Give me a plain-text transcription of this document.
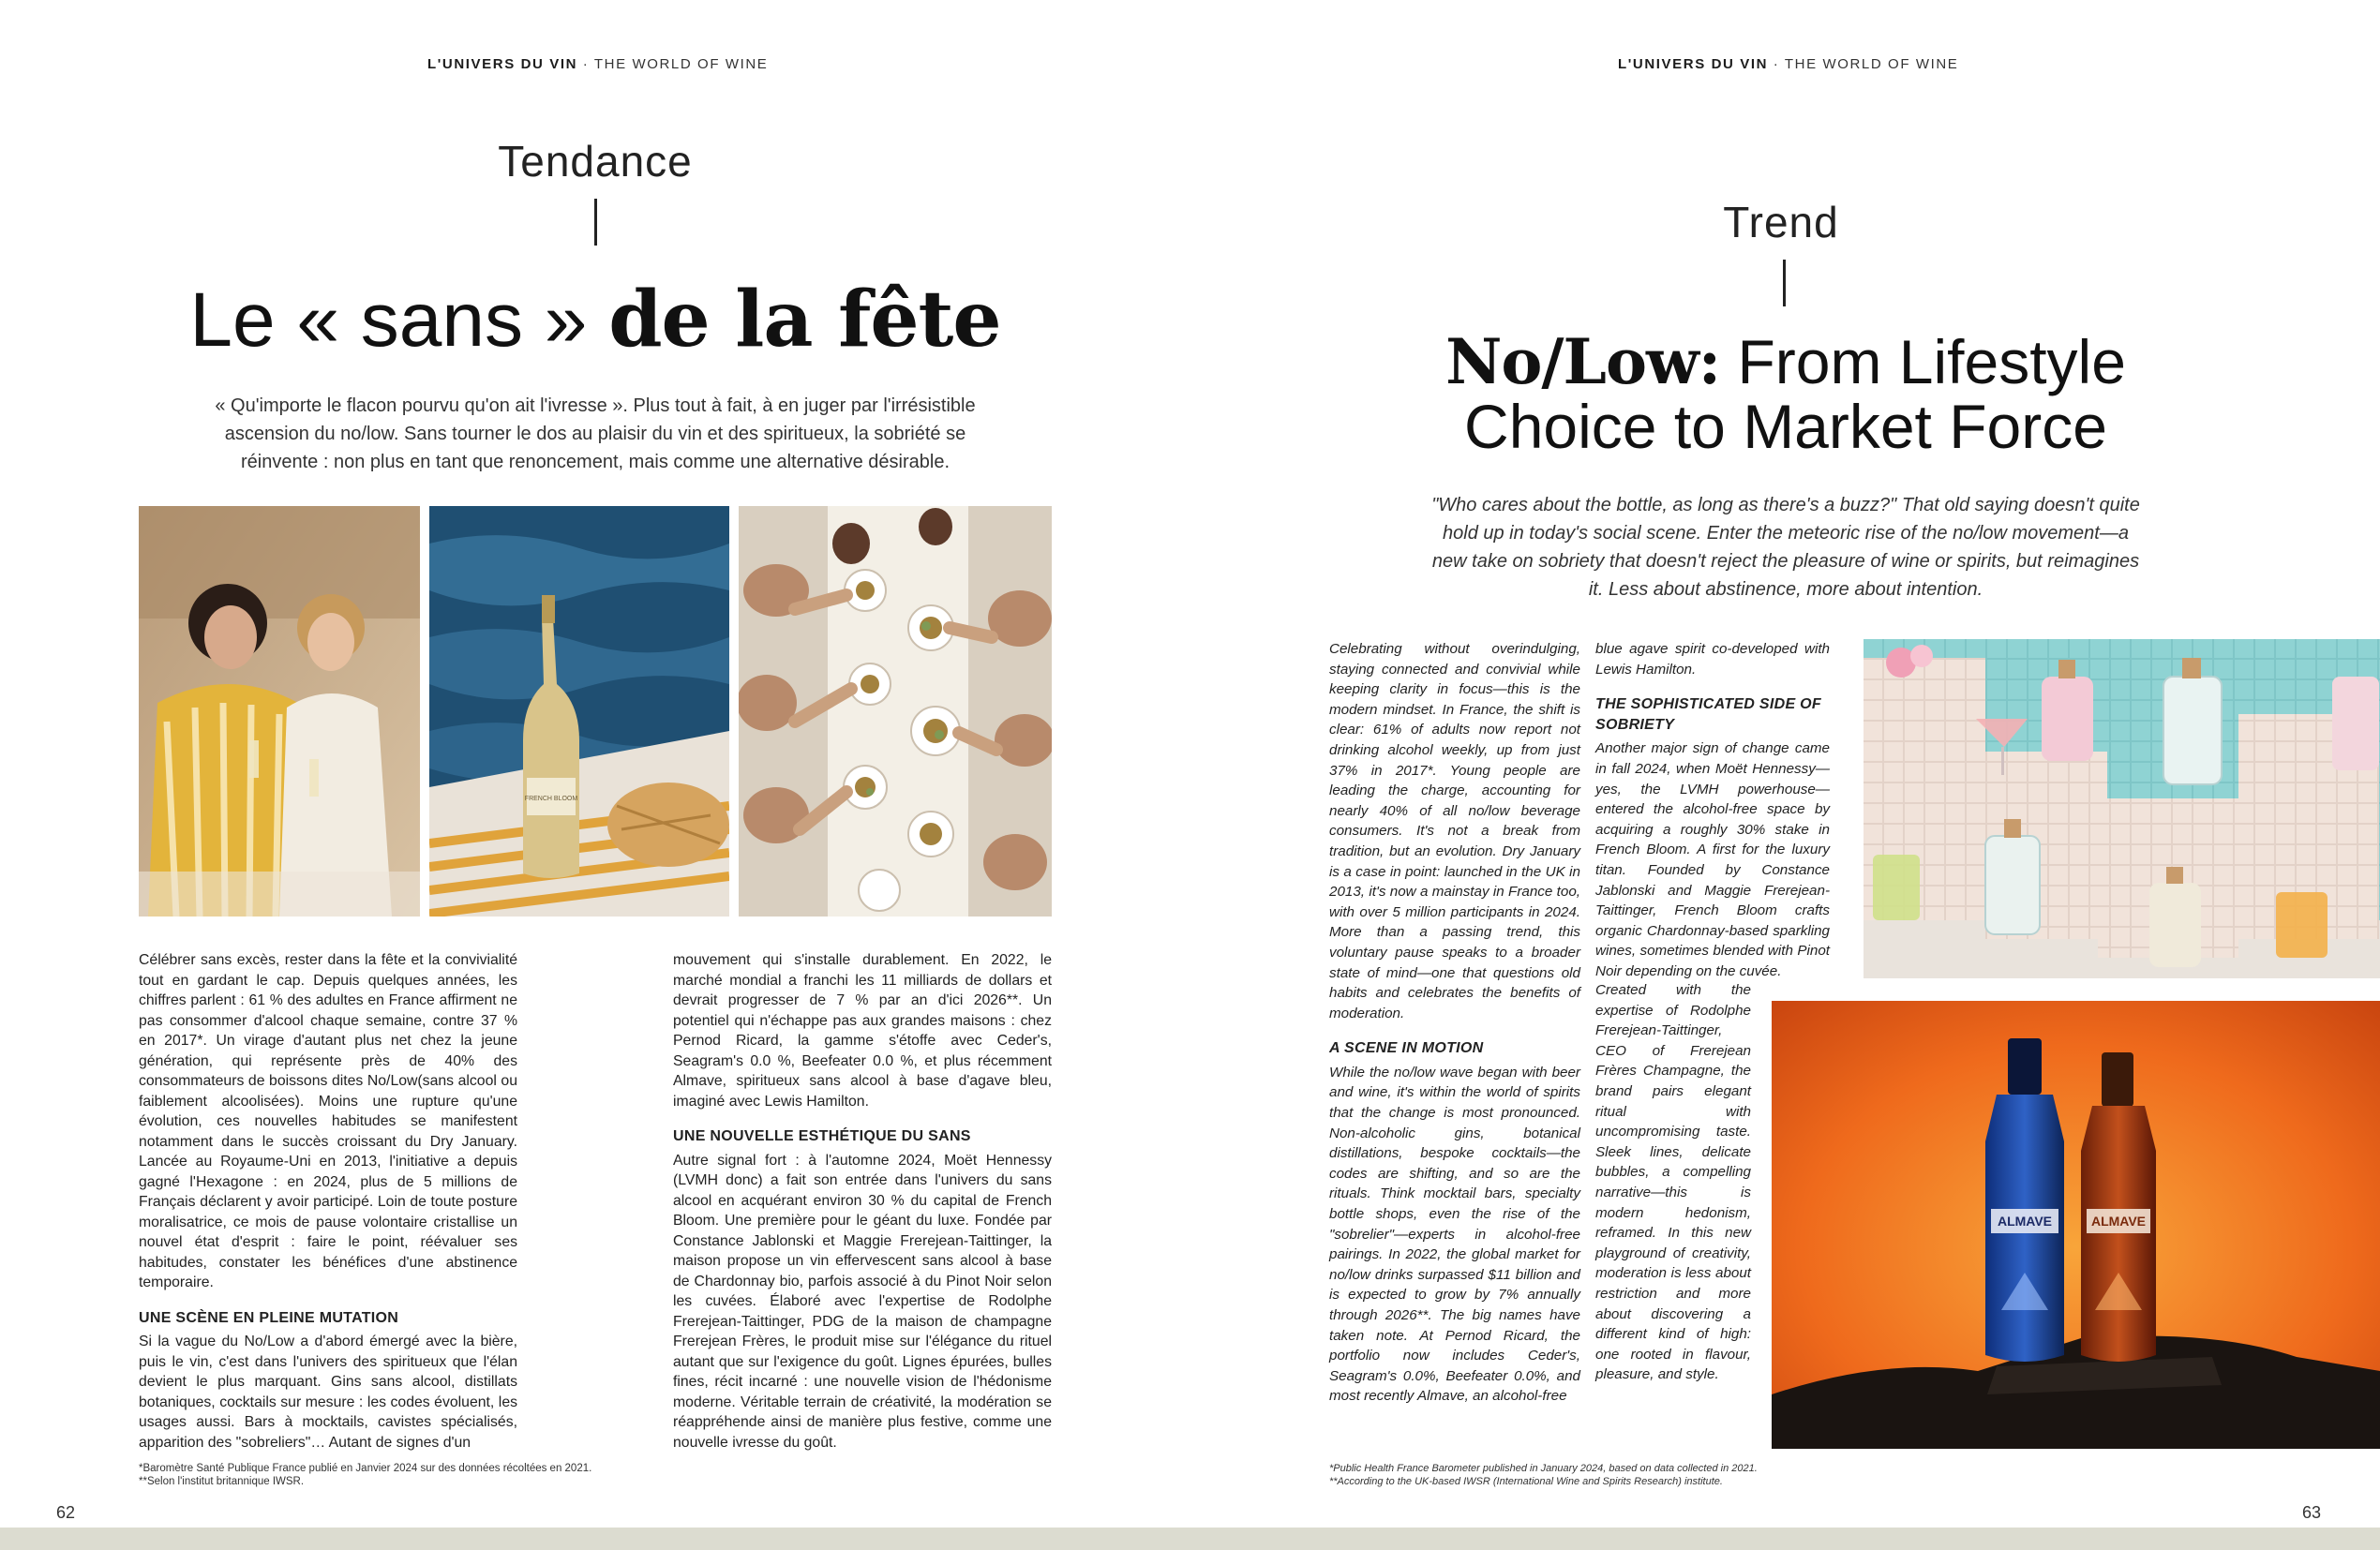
L'UNIVERS DU VIN · THE WORLD OF WINE
Tendance
Le « sans » de la fête
« Qu'importe le flacon pourvu qu'on ait l'ivresse ». Plus tout à fait, à en juger par l'irrésistible ascension du no/low. Sans tourner le dos au plaisir du vin et des spiritueux, la sobriété se réinvente : non plus en tant que renoncement, mais comme une alternative désirable.
FRENCH BLOOM

Célébrer sans excès, rester dans la fête et la convivialité tout en gardant le cap. Depuis quelques années, les chiffres parlent : 61 % des adultes en France affirment ne pas consommer d'alcool chaque semaine, contre 37 % en 2017*. Un virage d'autant plus net chez la jeune génération, qui représente près de 40% des consommateurs de boissons dites No/Low(sans alcool ou faiblement alcoolisées). Moins une rupture qu'une évolution, ces nouvelles habitudes se manifestent notamment dans le succès croissant du Dry January. Lancée au Royaume-Uni en 2013, l'initiative a depuis gagné l'Hexagone : en 2024, plus de 5 millions de Français déclarent y avoir participé. Loin de toute posture moralisatrice, ce mois de pause volontaire cristallise un nouvel état d'esprit : faire le point, réévaluer ses habitudes, constater les bénéfices d'une abstinence temporaire.

UNE SCÈNE EN PLEINE MUTATION

Si la vague du No/Low a d'abord émergé avec la bière, puis le vin, c'est dans l'univers des spiritueux que l'élan devient le plus marquant. Gins sans alcool, distillats botaniques, cocktails sur mesure : les codes évoluent, les usages aussi. Bars à mocktails, cavistes spécialisés, apparition des "sobreliers"… Autant de signes d'un

mouvement qui s'installe durablement. En 2022, le marché mondial a franchi les 11 milliards de dollars et devrait progresser de 7 % par an d'ici 2026**. Un potentiel qui n'échappe pas aux grandes maisons : chez Pernod Ricard, la gamme s'étoffe avec Ceder's, Seagram's 0.0 %, Beefeater 0.0 %, et plus récemment Almave, spiritueux sans alcool à base d'agave bleu, imaginé avec Lewis Hamilton.

UNE NOUVELLE ESTHÉTIQUE DU SANS

Autre signal fort : à l'automne 2024, Moët Hennessy (LVMH donc) a fait son entrée dans l'univers du sans alcool en acquérant environ 30 % du capital de French Bloom. Une première pour le géant du luxe. Fondée par Constance Jablonski et Maggie Frerejean-Taittinger, la maison propose un vin effervescent sans alcool à base de Chardonnay bio, parfois associé à du Pinot Noir selon les cuvées. Élaboré avec l'expertise de Rodolphe Frerejean-Taittinger, PDG de la maison de champagne Frerejean Frères, le produit mise sur l'élégance du rituel autant que sur l'exigence du goût. Lignes épurées, bulles fines, récit incarné : une nouvelle vision de l'hédonisme moderne. Véritable terrain de créativité, la modération se réappréhende ainsi de manière plus festive, comme une nouvelle ivresse du goût.

*Baromètre Santé Publique France publié en Janvier 2024 sur des données récoltées en 2021.
**Selon l'institut britannique IWSR.
62
L'UNIVERS DU VIN · THE WORLD OF WINE
Trend
No/Low: From Lifestyle
Choice to Market Force
"Who cares about the bottle, as long as there's a buzz?" That old saying doesn't quite hold up in today's social scene. Enter the meteoric rise of the no/low movement—a new take on sobriety that doesn't reject the pleasure of wine or spirits, but reimagines it. Less about abstinence, more about intention.

Celebrating without overindulging, staying connected and convivial while keeping clarity in focus—this is the modern mindset. In France, the shift is clear: 61% of adults now report not drinking alcohol weekly, up from just 37% in 2017*. Young people are leading the charge, accounting for nearly 40% of all no/low beverage consumers. It's not a break from tradition, but an evolution. Dry January is a case in point: launched in the UK in 2013, it's now a mainstay in France too, with over 5 million participants in 2024. More than a passing trend, this voluntary pause speaks to a broader state of mind—one that questions old habits and celebrates the benefits of moderation.

A SCENE IN MOTION

While the no/low wave began with beer and wine, it's within the world of spirits that the change is most pronounced. Non-alcoholic gins, botanical distillations, bespoke cocktails—the codes are shifting, and so are the rituals. Think mocktail bars, specialty bottle shops, even the rise of the "sobrelier"—experts in alcohol-free pairings. In 2022, the global market for no/low drinks surpassed $11 billion and is expected to grow by 7% annually through 2026**. The big names have taken note. At Pernod Ricard, the portfolio now includes Ceder's, Seagram's 0.0%, Beefeater 0.0%, and most recently Almave, an alcohol-free

blue agave spirit co-developed with Lewis Hamilton.

THE SOPHISTICATED SIDE OF SOBRIETY

Another major sign of change came in fall 2024, when Moët Hennessy—yes, the LVMH powerhouse—entered the alcohol-free space by acquiring a roughly 30% stake in French Bloom. A first for the luxury titan. Founded by Constance Jablonski and Maggie Frerejean-Taittinger, French Bloom crafts organic Chardonnay-based sparkling wines, sometimes blended with Pinot Noir depending on the cuvée.

Created with the expertise of Rodolphe Frerejean-Taittinger, CEO of Frerejean Frères Champagne, the brand pairs elegant ritual with uncompromising taste. Sleek lines, delicate bubbles, a compelling narrative—this is modern hedonism, reframed. In this new playground of creativity, moderation is less about restriction and more about discovering a different kind of high: one rooted in flavour, pleasure, and style.

ALMAVE	ALMAVE
*Public Health France Barometer published in January 2024, based on data collected in 2021.
**According to the UK-based IWSR (International Wine and Spirits Research) institute.
63
